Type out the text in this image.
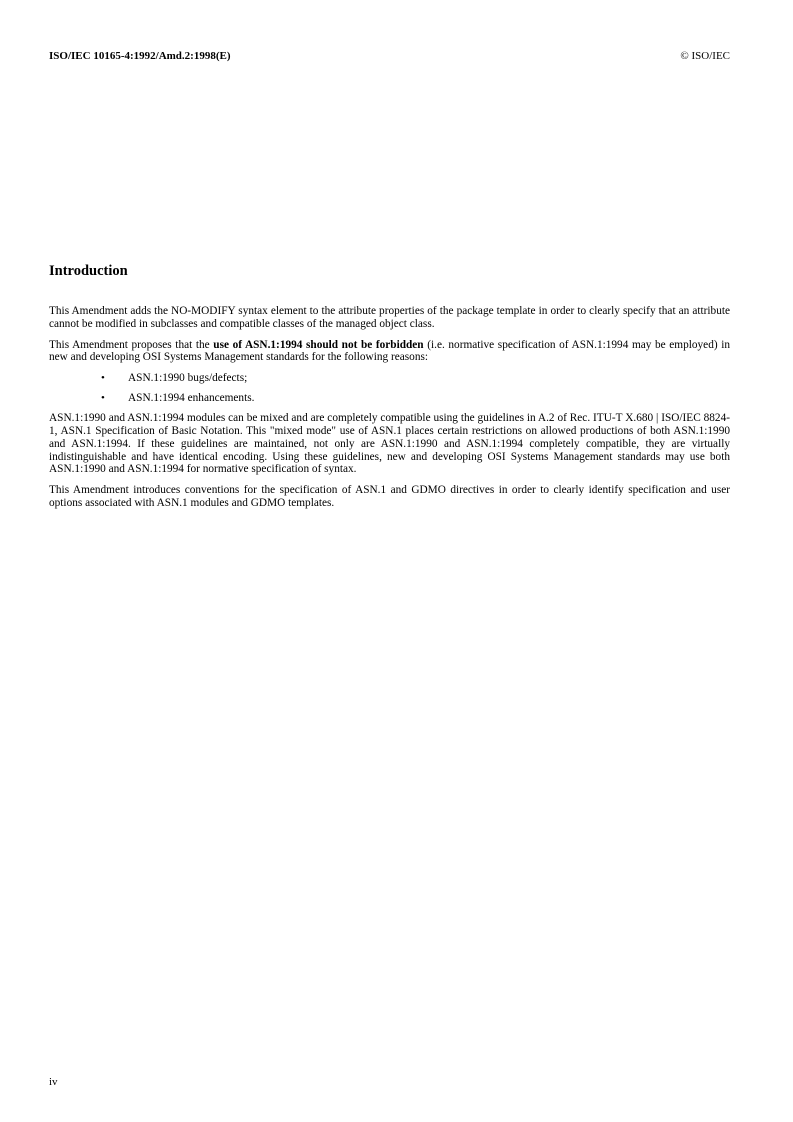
ISO/IEC 10165-4:1992/Amd.2:1998(E)	© ISO/IEC
Introduction

This Amendment adds the NO-MODIFY syntax element to the attribute properties of the package template in order to clearly specify that an attribute cannot be modified in subclasses and compatible classes of the managed object class.

This Amendment proposes that the use of ASN.1:1994 should not be forbidden (i.e. normative specification of ASN.1:1994 may be employed) in new and developing OSI Systems Management standards for the following reasons:

• ASN.1:1990 bugs/defects;
• ASN.1:1994 enhancements.

ASN.1:1990 and ASN.1:1994 modules can be mixed and are completely compatible using the guidelines in A.2 of Rec. ITU-T X.680 | ISO/IEC 8824-1, ASN.1 Specification of Basic Notation. This "mixed mode" use of ASN.1 places certain restrictions on allowed productions of both ASN.1:1990 and ASN.1:1994. If these guidelines are maintained, not only are ASN.1:1990 and ASN.1:1994 completely compatible, they are virtually indistinguishable and have identical encoding. Using these guidelines, new and developing OSI Systems Management standards may use both ASN.1:1990 and ASN.1:1994 for normative specification of syntax.

This Amendment introduces conventions for the specification of ASN.1 and GDMO directives in order to clearly identify specification and user options associated with ASN.1 modules and GDMO templates.

iv
